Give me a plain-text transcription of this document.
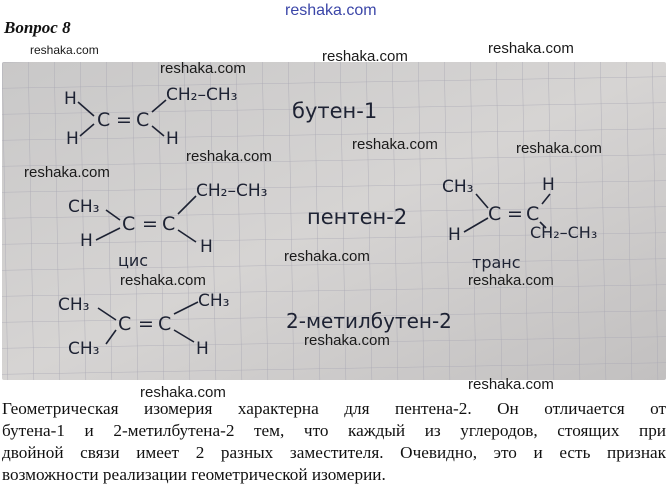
reshaka.com
Вопрос 8
reshaka.com
H
H
C = C
CH₂–CH₃
H
бутен-1
CH₃
H
C = C
CH₂–CH₃
H
цис
пентен-2
CH₃
H
C = C
H
CH₂–CH₃
транс
CH₃
CH₃
C = C
CH₃
H
2-метилбутен-2
reshaka.com	reshaka.com
reshaka.com
reshaka.com
reshaka.com	reshaka.com
reshaka.com
reshaka.com
reshaka.com	reshaka.com
reshaka.com
reshaka.com
reshaka.com
Геометрическая изомерия характерна для пентена-2. Он отличается от
бутена-1 и 2-метилбутена-2 тем, что каждый из углеродов, стоящих при
двойной связи имеет 2 разных заместителя. Очевидно, это и есть признак
возможности реализации геометрической изомерии.
